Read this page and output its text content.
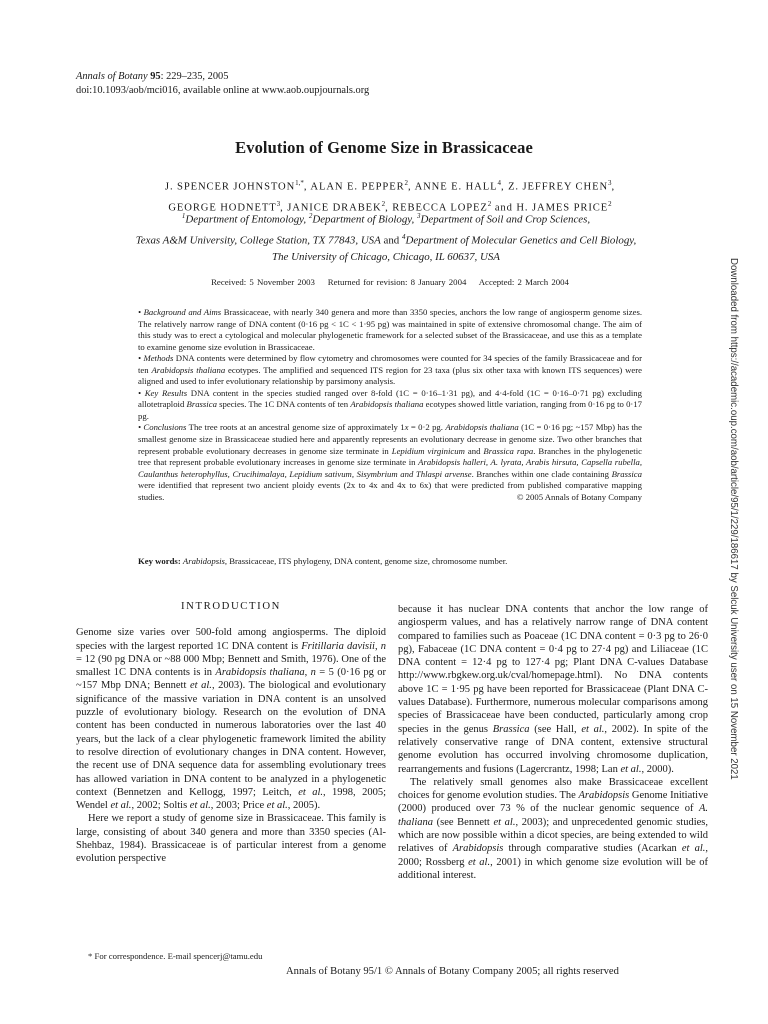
Annals of Botany 95: 229–235, 2005
doi:10.1093/aob/mci016, available online at www.aob.oupjournals.org
Evolution of Genome Size in Brassicaceae
J. SPENCER $JOHNSTON^{1,*}$, ALAN E. PEPPER$^2$, ANNE E. HALL$^4$, Z. JEFFREY CHEN$^3$,
GEORGE HODNETT$^3$, JANICE DRABEK$^2$, REBECCA LOPEZ$^2$ and H. JAMES PRICE$^2$
$^1$Department of Entomology, $^2$Department of Biology, $^3$Department of Soil and Crop Sciences,
Texas A&M University, College Station, TX 77843, USA and $^4$Department of Molecular Genetics and Cell Biology,
The University of Chicago, Chicago, IL 60637, USA
Received: 5 November 2003 Returned for revision: 8 January 2004 Accepted: 2 March 2004

• Background and Aims Brassicaceae, with nearly 340 genera and more than 3350 species, anchors the low range of angiosperm genome sizes. The relatively narrow range of DNA content (0·16 pg < 1C < 1·95 pg) was maintained in spite of extensive chromosomal change. The aim of this study was to erect a cytological and molecular phylogenetic framework for a selected subset of the Brassicaceae, and use this as a template to examine genome size evolution in Brassicaceae.

• Methods DNA contents were determined by flow cytometry and chromosomes were counted for 34 species of the family Brassicaceae and for ten Arabidopsis thaliana ecotypes. The amplified and sequenced ITS region for 23 taxa (plus six other taxa with known ITS sequences) were aligned and used to infer evolutionary relationship by parsimony analysis.

• Key Results DNA content in the species studied ranged over 8-fold (1C = 0·16–1·31 pg), and 4·4-fold (1C = 0·16–0·71 pg) excluding allotetraploid Brassica species. The 1C DNA contents of ten Arabidopsis thaliana ecotypes showed little variation, ranging from 0·16 pg to 0·17 pg.

• Conclusions The tree roots at an ancestral genome size of approximately 1x = 0·2 pg. Arabidopsis thaliana (1C = 0·16 pg; ~157 Mbp) has the smallest genome size in Brassicaceae studied here and apparently represents an evolutionary decrease in genome size. Two other branches that represent probable evolutionary decreases in genome size terminate in Lepidium virginicum and Brassica rapa. Branches in the phylogenetic tree that represent probable evolutionary increases in genome size terminate in Arabidopsis halleri, A. lyrata, Arabis hirsuta, Capsella rubella, Caulanthus heterophyllus, Crucihimalaya, Lepidium sativum, Sisymbrium and Thlaspi arvense. Branches within one clade containing Brassica were identified that represent two ancient ploidy events (2x to 4x and 4x to 6x) that were predicted from published comparative mapping studies.	© 2005 Annals of Botany Company

Key words: Arabidopsis, Brassicaceae, ITS phylogeny, DNA content, genome size, chromosome number.
INTRODUCTION

Genome size varies over 500-fold among angiosperms. The diploid species with the largest reported 1C DNA content is Fritillaria davisii, n = 12 (90 pg DNA or ~88 000 Mbp; Bennett and Smith, 1976). One of the smallest 1C DNA contents is in Arabidopsis thaliana, n = 5 (0·16 pg or ~157 Mbp DNA; Bennett et al., 2003). The biological and evolutionary significance of the massive variation in DNA content is an unsolved puzzle of evolutionary biology. Research on the evolution of DNA content has been conducted in numerous laboratories over the last 40 years, but the lack of a clear phylogenetic framework limited the ability to resolve direction of evolutionary changes in DNA content. However, the recent use of DNA sequence data for assembling evolutionary trees has allowed variation in DNA content to be analyzed in a phylogenetic context (Bennetzen and Kellogg, 1997; Leitch, et al., 1998, 2005; Wendel et al., 2002; Soltis et al., 2003; Price et al., 2005).

Here we report a study of genome size in Brassicaceae. This family is large, consisting of about 340 genera and more than 3350 species (Al-Shehbaz, 1984). Brassicaceae is of particular interest from a genome evolution perspective

because it has nuclear DNA contents that anchor the low range of angiosperm values, and has a relatively narrow range of DNA content compared to families such as Poaceae (1C DNA content = 0·3 pg to 26·0 pg), Fabaceae (1C DNA content = 0·4 pg to 27·4 pg) and Liliaceae (1C DNA content = 12·4 pg to 127·4 pg; Plant DNA C-values Database http://www.rbgkew.org.uk/cval/homepage.html). No DNA contents above 1C = 1·95 pg have been reported for Brassicaceae (Plant DNA C-values Database). Furthermore, numerous molecular comparisons among species of Brassicaceae have been conducted, particularly among crop species in the genus Brassica (see Hall, et al., 2002). In spite of the relatively conservative range of DNA content, extensive structural genome evolution has occurred involving chromosome duplication, rearrangements and fusions (Lagercrantz, 1998; Lan et al., 2000).

The relatively small genomes also make Brassicaceae excellent choices for genome evolution studies. The Arabidopsis Genome Initiative (2000) produced over 73 % of the nuclear genomic sequence of A. thaliana (see Bennett et al., 2003); and unprecedented genomic studies, which are now possible within a dicot species, are being extended to wild relatives of Arabidopsis through comparative studies (Acarkan et al., 2000; Rossberg et al., 2001) in which genome size evolution will be of additional interest.

* For correspondence. E-mail spencerj@tamu.edu
Annals of Botany 95/1 © Annals of Botany Company 2005; all rights reserved
Downloaded from https://academic.oup.com/aob/article/95/1/229/186617 by Selcuk University user on 15 November 2021
